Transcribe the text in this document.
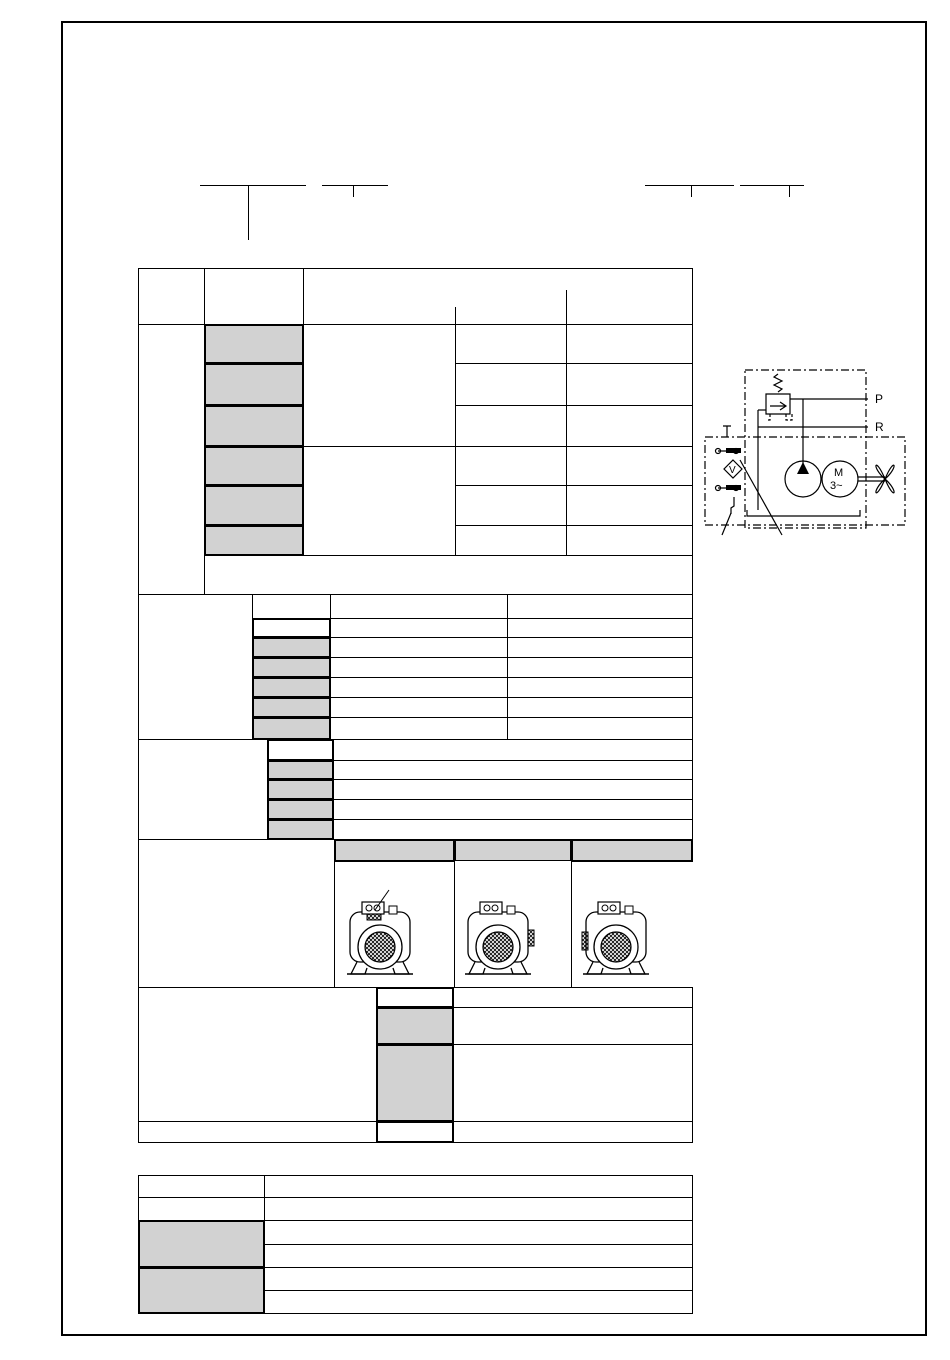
P
R
M
3~
V
